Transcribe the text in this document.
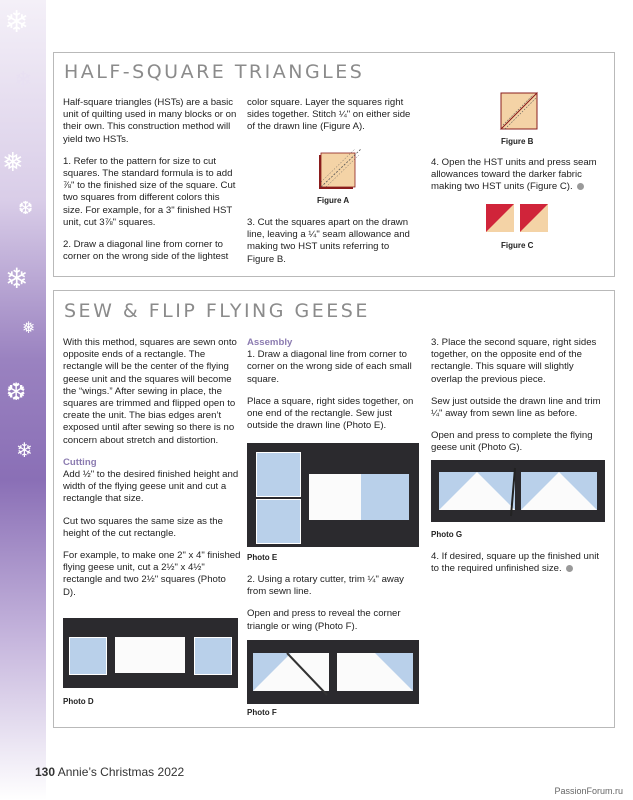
❄
❄
❅
❆
❄
❅
❆
❄
HALF-SQUARE TRIANGLES

Half-square triangles (HSTs) are a basic unit of quilting used in many blocks or on their own. This construction method will yield two HSTs.

1. Refer to the pattern for size to cut squares. The standard formula is to add ⅞" to the finished size of the square. Cut two squares from different colors this size. For example, for a 3" finished HST unit, cut 3⅞" squares.

2. Draw a diagonal line from corner to corner on the wrong side of the lightest

color square. Layer the squares right sides together. Stitch ¼" on either side of the drawn line (Figure A).

Figure A

3. Cut the squares apart on the drawn line, leaving a ¼" seam allowance and making two HST units referring to Figure B.

Figure B

4. Open the HST units and press seam allowances toward the darker fabric making two HST units (Figure C).

Figure C
SEW & FLIP FLYING GEESE

With this method, squares are sewn onto opposite ends of a rectangle. The rectangle will be the center of the flying geese unit and the squares will become the “wings.” After sewing in place, the squares are trimmed and flipped open to create the unit. The bias edges aren’t exposed until after sewing so there is no concern about stretch and distortion.

Cutting

Add ½" to the desired finished height and width of the flying geese unit and cut a rectangle that size.

Cut two squares the same size as the height of the cut rectangle.

For example, to make one 2" x 4" finished flying geese unit, cut a 2½" x 4½" rectangle and two 2½" squares (Photo D).

Photo D
Assembly

1. Draw a diagonal line from corner to corner on the wrong side of each small square.

Place a square, right sides together, on one end of the rectangle. Sew just outside the drawn line (Photo E).

Photo E

2. Using a rotary cutter, trim ¼" away from sewn line.

Open and press to reveal the corner triangle or wing (Photo F).

Photo F

3. Place the second square, right sides together, on the opposite end of the rectangle. This square will slightly overlap the previous piece.

Sew just outside the drawn line and trim ¼" away from sewn line as before.

Open and press to complete the flying geese unit (Photo G).

Photo G

4. If desired, square up the finished unit to the required unfinished size.

130 Annie’s Christmas 2022
PassionForum.ru
